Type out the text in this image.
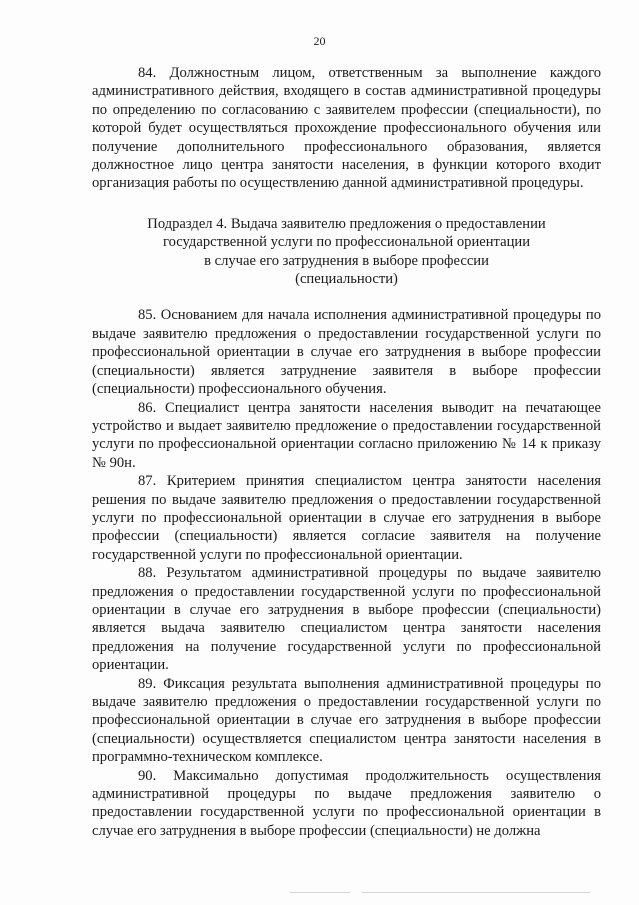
20

84. Должностным лицом, ответственным за выполнение каждого административного действия, входящего в состав административной процедуры по определению по согласованию с заявителем профессии (специальности), по которой будет осуществляться прохождение профессионального обучения или получение дополнительного профессионального образования, является должностное лицо центра занятости населения, в функции которого входит организация работы по осуществлению данной административной процедуры.

Подраздел 4. Выдача заявителю предложения о предоставлении
государственной услуги по профессиональной ориентации
в случае его затруднения в выборе профессии
(специальности)

85. Основанием для начала исполнения административной процедуры по выдаче заявителю предложения о предоставлении государственной услуги по профессиональной ориентации в случае его затруднения в выборе профессии (специальности) является затруднение заявителя в выборе профессии (специальности) профессионального обучения.

86. Специалист центра занятости населения выводит на печатающее устройство и выдает заявителю предложение о предоставлении государственной услуги по профессиональной ориентации согласно приложению № 14 к приказу № 90н.

87. Критерием принятия специалистом центра занятости населения решения по выдаче заявителю предложения о предоставлении государственной услуги по профессиональной ориентации в случае его затруднения в выборе профессии (специальности) является согласие заявителя на получение государственной услуги по профессиональной ориентации.

88. Результатом административной процедуры по выдаче заявителю предложения о предоставлении государственной услуги по профессиональной ориентации в случае его затруднения в выборе профессии (специальности) является выдача заявителю специалистом центра занятости населения предложения на получение государственной услуги по профессиональной ориентации.

89. Фиксация результата выполнения административной процедуры по выдаче заявителю предложения о предоставлении государственной услуги по профессиональной ориентации в случае его затруднения в выборе профессии (специальности) осуществляется специалистом центра занятости населения в программно-техническом комплексе.

90. Максимально допустимая продолжительность осуществления административной процедуры по выдаче предложения заявителю о предоставлении государственной услуги по профессиональной ориентации в случае его затруднения в выборе профессии (специальности) не должна
